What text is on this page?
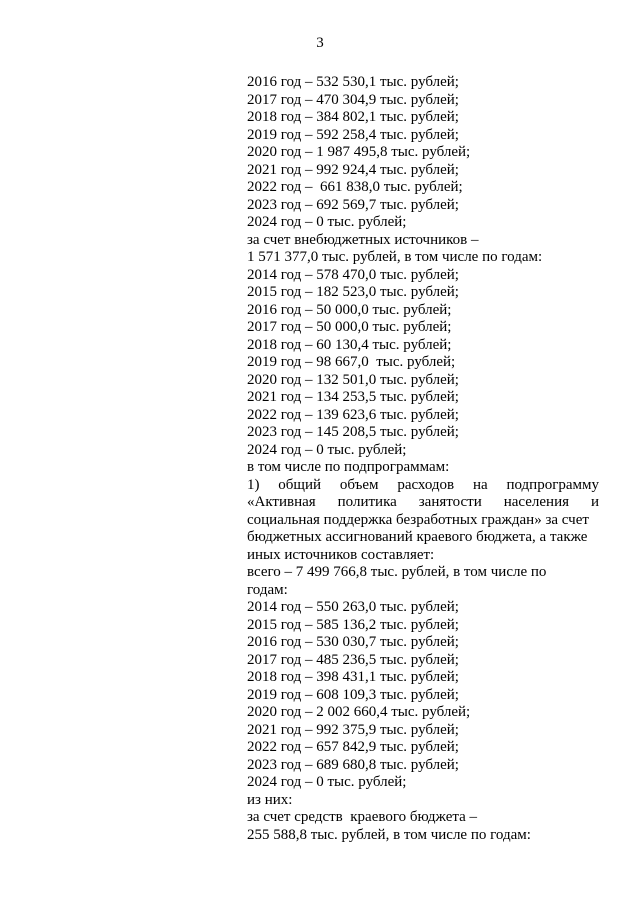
3
2016 год – 532 530,1 тыс. рублей;
2017 год – 470 304,9 тыс. рублей;
2018 год – 384 802,1 тыс. рублей;
2019 год – 592 258,4 тыс. рублей;
2020 год – 1 987 495,8 тыс. рублей;
2021 год – 992 924,4 тыс. рублей;
2022 год –  661 838,0 тыс. рублей;
2023 год – 692 569,7 тыс. рублей;
2024 год – 0 тыс. рублей;
за счет внебюджетных источников –
1 571 377,0 тыс. рублей, в том числе по годам:
2014 год – 578 470,0 тыс. рублей;
2015 год – 182 523,0 тыс. рублей;
2016 год – 50 000,0 тыс. рублей;
2017 год – 50 000,0 тыс. рублей;
2018 год – 60 130,4 тыс. рублей;
2019 год – 98 667,0  тыс. рублей;
2020 год – 132 501,0 тыс. рублей;
2021 год – 134 253,5 тыс. рублей;
2022 год – 139 623,6 тыс. рублей;
2023 год – 145 208,5 тыс. рублей;
2024 год – 0 тыс. рублей;
в том числе по подпрограммам:
1) общий объем расходов на подпрограмму
«Активная политика занятости населения и
социальная поддержка безработных граждан» за счет
бюджетных ассигнований краевого бюджета, а также
иных источников составляет:
всего – 7 499 766,8 тыс. рублей, в том числе по
годам:
2014 год – 550 263,0 тыс. рублей;
2015 год – 585 136,2 тыс. рублей;
2016 год – 530 030,7 тыс. рублей;
2017 год – 485 236,5 тыс. рублей;
2018 год – 398 431,1 тыс. рублей;
2019 год – 608 109,3 тыс. рублей;
2020 год – 2 002 660,4 тыс. рублей;
2021 год – 992 375,9 тыс. рублей;
2022 год – 657 842,9 тыс. рублей;
2023 год – 689 680,8 тыс. рублей;
2024 год – 0 тыс. рублей;
из них:
за счет средств  краевого бюджета –
255 588,8 тыс. рублей, в том числе по годам:
